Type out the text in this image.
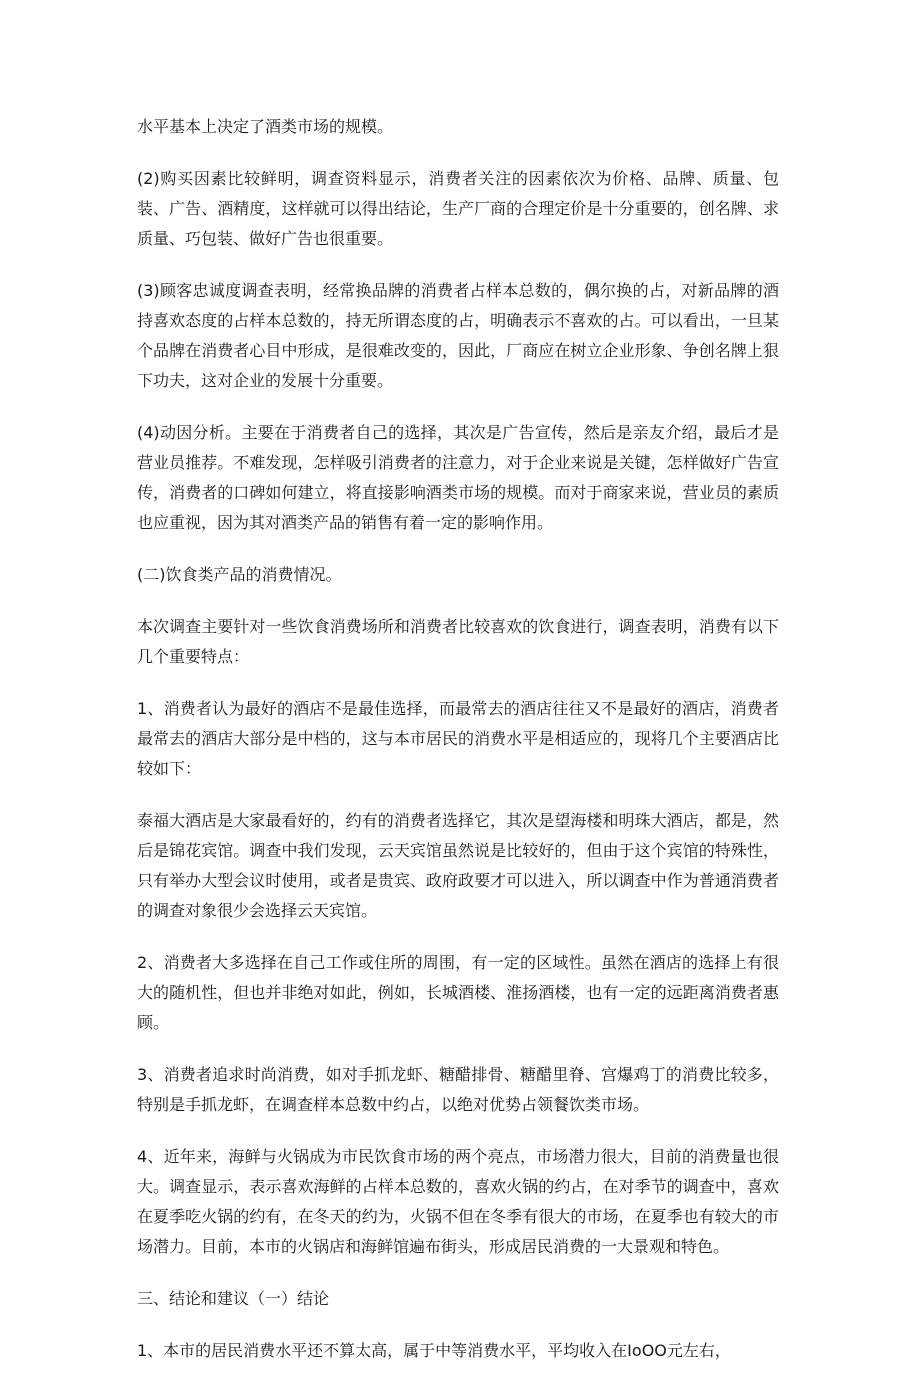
水平基本上决定了酒类市场的规模。

(2)购买因素比较鲜明，调查资料显示，消费者关注的因素依次为价格、品牌、质量、包装、广告、酒精度，这样就可以得出结论，生产厂商的合理定价是十分重要的，创名牌、求质量、巧包装、做好广告也很重要。

(3)顾客忠诚度调查表明，经常换品牌的消费者占样本总数的，偶尔换的占，对新品牌的酒持喜欢态度的占样本总数的，持无所谓态度的占，明确表示不喜欢的占。可以看出，一旦某个品牌在消费者心目中形成，是很难改变的，因此，厂商应在树立企业形象、争创名牌上狠下功夫，这对企业的发展十分重要。

(4)动因分析。主要在于消费者自己的选择，其次是广告宣传，然后是亲友介绍，最后才是营业员推荐。不难发现，怎样吸引消费者的注意力，对于企业来说是关键，怎样做好广告宣传，消费者的口碑如何建立，将直接影响酒类市场的规模。而对于商家来说，营业员的素质也应重视，因为其对酒类产品的销售有着一定的影响作用。

(二)饮食类产品的消费情况。

本次调查主要针对一些饮食消费场所和消费者比较喜欢的饮食进行，调查表明，消费有以下几个重要特点：

1、消费者认为最好的酒店不是最佳选择，而最常去的酒店往往又不是最好的酒店，消费者最常去的酒店大部分是中档的，这与本市居民的消费水平是相适应的，现将几个主要酒店比较如下：

泰福大酒店是大家最看好的，约有的消费者选择它，其次是望海楼和明珠大酒店，都是，然后是锦花宾馆。调查中我们发现，云天宾馆虽然说是比较好的，但由于这个宾馆的特殊性，只有举办大型会议时使用，或者是贵宾、政府政要才可以进入，所以调查中作为普通消费者的调查对象很少会选择云天宾馆。

2、消费者大多选择在自己工作或住所的周围，有一定的区域性。虽然在酒店的选择上有很大的随机性，但也并非绝对如此，例如，长城酒楼、淮扬酒楼，也有一定的远距离消费者惠顾。

3、消费者追求时尚消费，如对手抓龙虾、糖醋排骨、糖醋里脊、宫爆鸡丁的消费比较多，特别是手抓龙虾，在调查样本总数中约占，以绝对优势占领餐饮类市场。

4、近年来，海鲜与火锅成为市民饮食市场的两个亮点，市场潜力很大，目前的消费量也很大。调查显示，表示喜欢海鲜的占样本总数的，喜欢火锅的约占，在对季节的调查中，喜欢在夏季吃火锅的约有，在冬天的约为，火锅不但在冬季有很大的市场，在夏季也有较大的市场潜力。目前，本市的火锅店和海鲜馆遍布街头，形成居民消费的一大景观和特色。

三、结论和建议（一）结论

1、本市的居民消费水平还不算太高，属于中等消费水平，平均收入在IoOO元左右，
